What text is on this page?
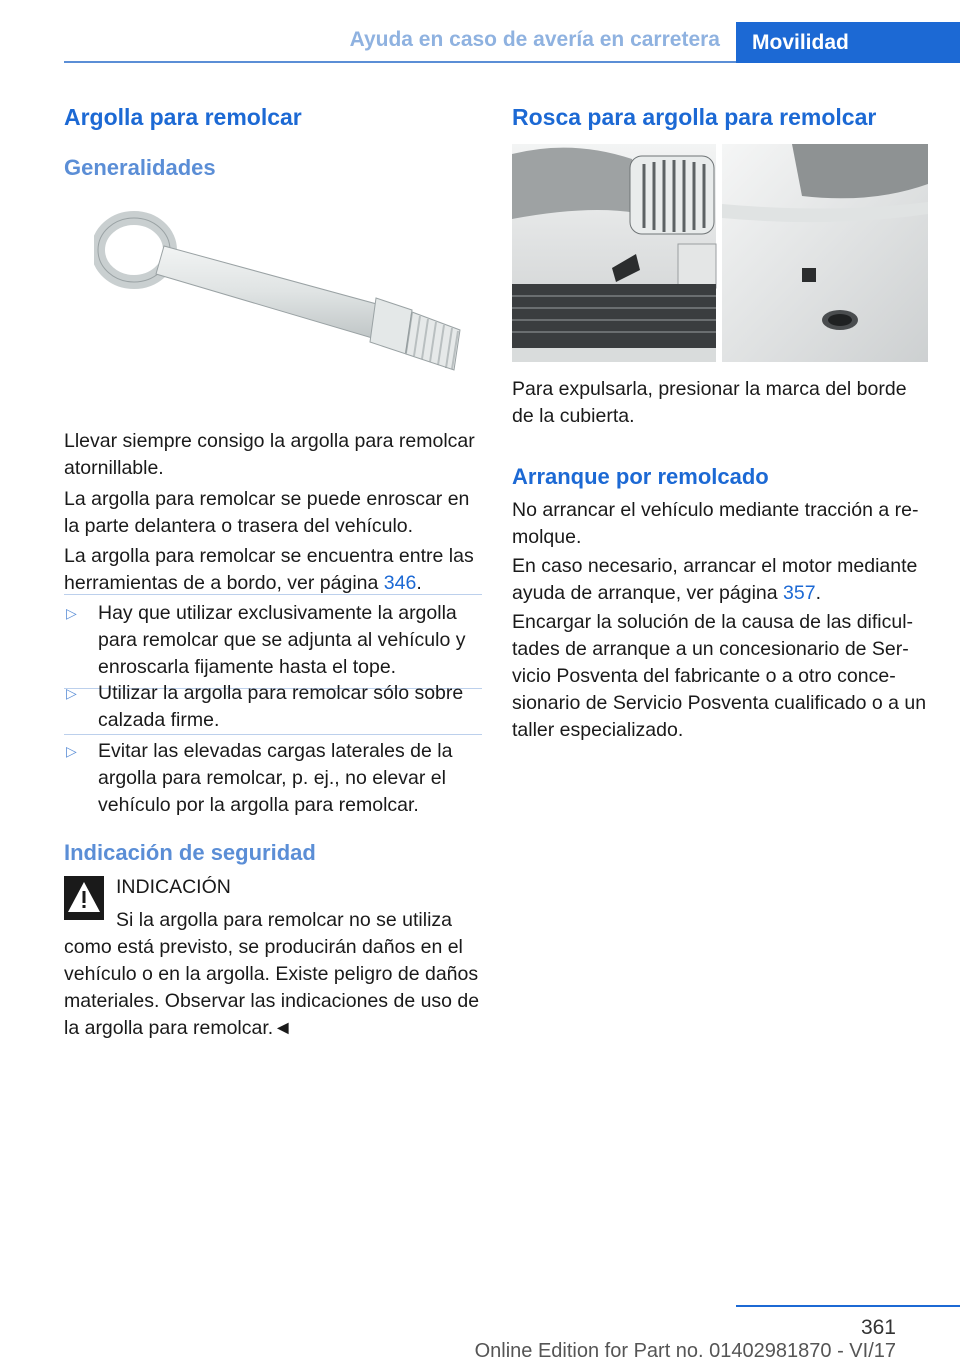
Ayuda en caso de avería en carretera	Movilidad
Argolla para remolcar
Generalidades

Llevar siempre consigo la argolla para remolcar atornillable.

La argolla para remolcar se puede enroscar en la parte delantera o trasera del vehículo.

La argolla para remolcar se encuentra entre las herramientas de a bordo, ver página 346.

▷ Hay que utilizar exclusivamente la argolla para remolcar que se adjunta al vehículo y enroscarla fijamente hasta el tope.
▷ Utilizar la argolla para remolcar sólo sobre calzada firme.
▷ Evitar las elevadas cargas laterales de la argolla para remolcar, p. ej., no elevar el vehículo por la argolla para remolcar.
Indicación de seguridad

INDICACIÓN

Si la argolla para remolcar no se utiliza como está previsto, se producirán daños en el vehículo o en la argolla. Existe peligro de daños materiales. Observar las indicaciones de uso de la argolla para remolcar.◄

Rosca para argolla para remolcar

Para expulsarla, presionar la marca del borde de la cubierta.

Arranque por remolcado

No arrancar el vehículo mediante tracción a re‐ molque.

En caso necesario, arrancar el motor mediante ayuda de arranque, ver página 357.

Encargar la solución de la causa de las dificul‐ tades de arranque a un concesionario de Ser‐ vicio Posventa del fabricante o a otro conce‐ sionario de Servicio Posventa cualificado o a un taller especializado.

361
Online Edition for Part no. 01402981870 - VI/17
